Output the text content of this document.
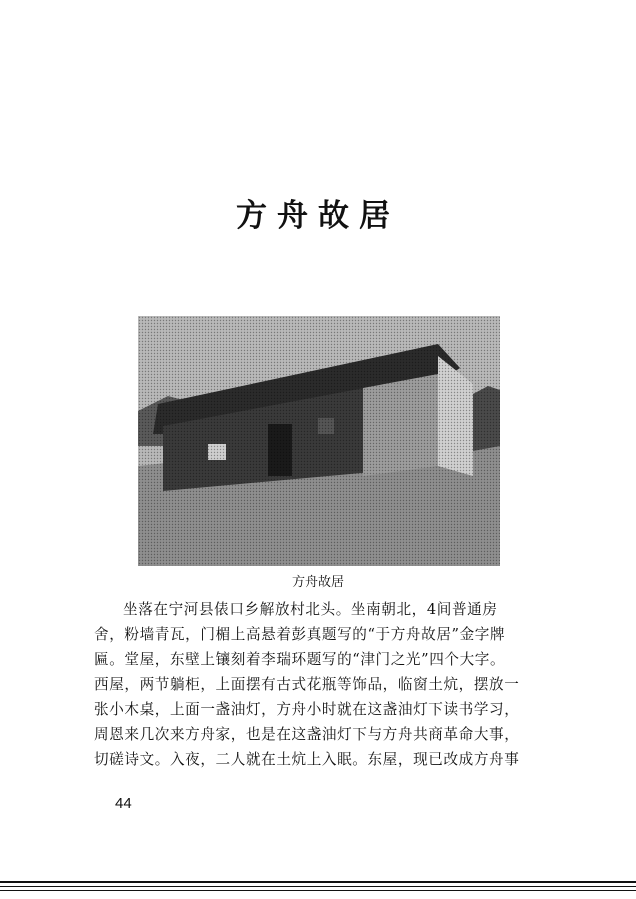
方舟故居
方舟故居
坐落在宁河县俵口乡解放村北头。坐南朝北，4间普通房
舍，粉墙青瓦，门楣上高悬着彭真题写的“于方舟故居”金字牌
匾。堂屋，东壁上镶刻着李瑞环题写的“津门之光”四个大字。
西屋，两节躺柜，上面摆有古式花瓶等饰品，临窗土炕，摆放一
张小木桌，上面一盏油灯，方舟小时就在这盏油灯下读书学习，
周恩来几次来方舟家，也是在这盏油灯下与方舟共商革命大事，
切磋诗文。入夜，二人就在土炕上入眠。东屋，现已改成方舟事
44
